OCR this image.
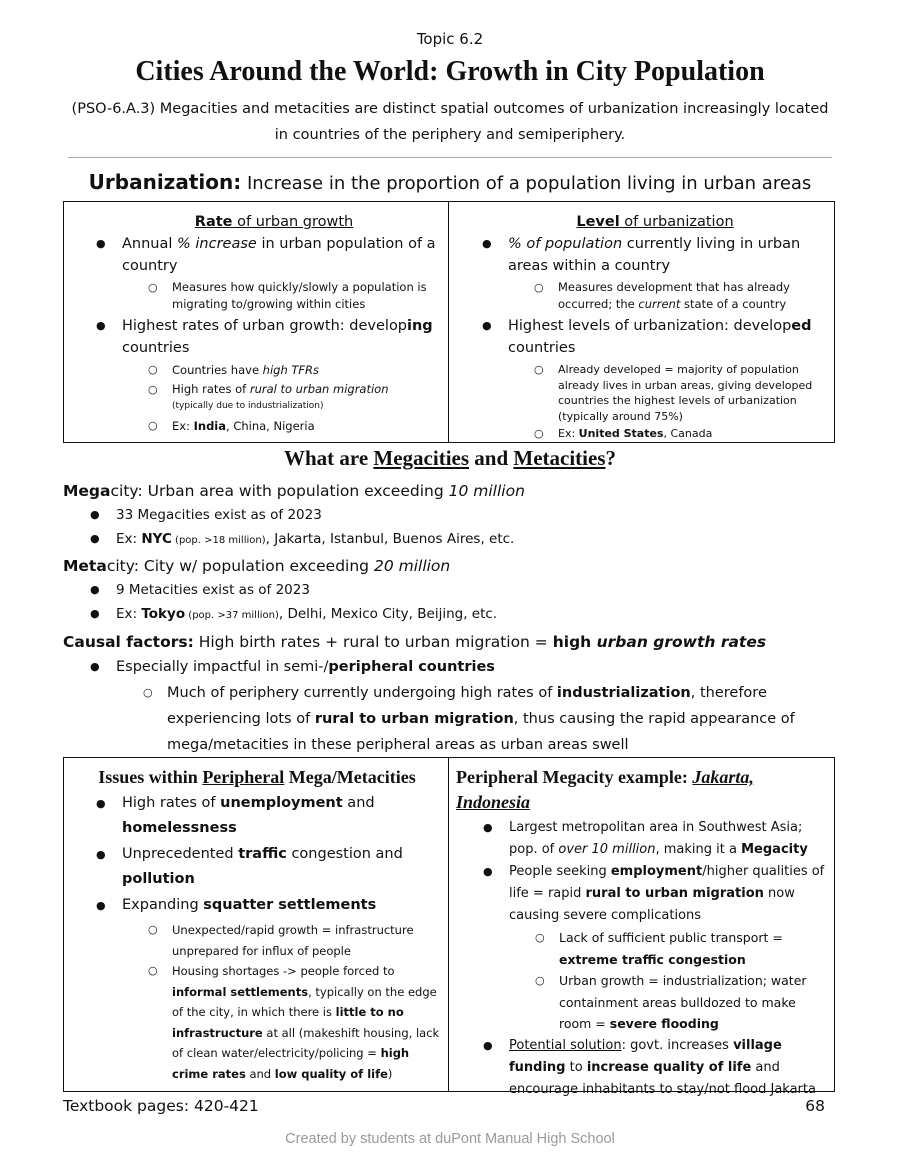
Topic 6.2
Cities Around the World: Growth in City Population
(PSO-6.A.3) Megacities and metacities are distinct spatial outcomes of urbanization increasingly located
in countries of the periphery and semiperiphery.
Urbanization: Increase in the proportion of a population living in urban areas
Rate of urban growth
● Annual % increase in urban population of a country
○ Measures how quickly/slowly a population is migrating to/growing within cities
● Highest rates of urban growth: developing countries
○ Countries have high TFRs
○ High rates of rural to urban migration
(typically due to industrialization)
○ Ex: India, China, Nigeria
Level of urbanization
● % of population currently living in urban areas within a country
○ Measures development that has already occurred; the current state of a country
● Highest levels of urbanization: developed countries
○ Already developed = majority of population already lives in urban areas, giving developed countries the highest levels of urbanization (typically around 75%)
○ Ex: United States, Canada
What are Megacities and Metacities?
Megacity: Urban area with population exceeding 10 million
● 33 Megacities exist as of 2023
● Ex: NYC (pop. >18 million), Jakarta, Istanbul, Buenos Aires, etc.
Metacity: City w/ population exceeding 20 million
● 9 Metacities exist as of 2023
● Ex: Tokyo (pop. >37 million), Delhi, Mexico City, Beijing, etc.
Causal factors: High birth rates + rural to urban migration = high urban growth rates
● Especially impactful in semi-/peripheral countries
○ Much of periphery currently undergoing high rates of industrialization, therefore experiencing lots of rural to urban migration, thus causing the rapid appearance of mega/metacities in these peripheral areas as urban areas swell
Issues within Peripheral Mega/Metacities
● High rates of unemployment and homelessness
● Unprecedented traffic congestion and pollution
● Expanding squatter settlements
○ Unexpected/rapid growth = infrastructure unprepared for influx of people
○ Housing shortages -> people forced to informal settlements, typically on the edge of the city, in which there is little to no infrastructure at all (makeshift housing, lack of clean water/electricity/policing = high crime rates and low quality of life)
Peripheral Megacity example: Jakarta, Indonesia
● Largest metropolitan area in Southwest Asia; pop. of over 10 million, making it a Megacity
● People seeking employment/higher qualities of life = rapid rural to urban migration now causing severe complications
○ Lack of sufficient public transport = extreme traffic congestion
○ Urban growth = industrialization; water containment areas bulldozed to make room = severe flooding
● Potential solution: govt. increases village funding to increase quality of life and encourage inhabitants to stay/not flood Jakarta
Textbook pages: 420-421	68
Created by students at duPont Manual High School
